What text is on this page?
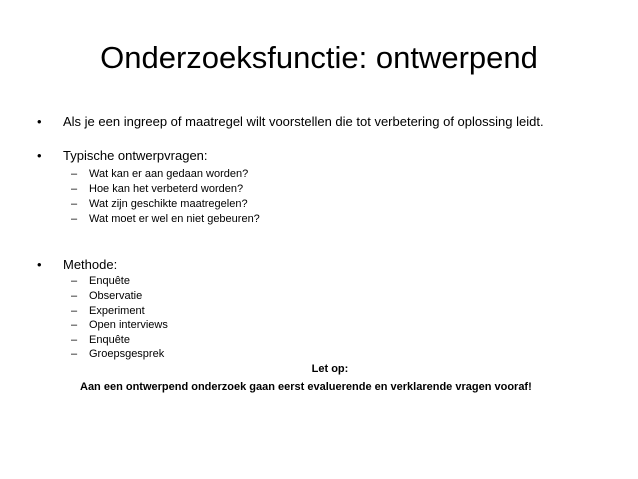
Onderzoeksfunctie: ontwerpend
• Als je een ingreep of maatregel wilt voorstellen die tot verbetering of oplossing leidt.
• Typische ontwerpvragen:
– Wat kan er aan gedaan worden?
– Hoe kan het verbeterd worden?
– Wat zijn geschikte maatregelen?
– Wat moet er wel en niet gebeuren?
• Methode:
– Enquête
– Observatie
– Experiment
– Open interviews
– Enquête
– Groepsgesprek
Let op:
Aan een ontwerpend onderzoek gaan eerst evaluerende en verklarende vragen vooraf!
